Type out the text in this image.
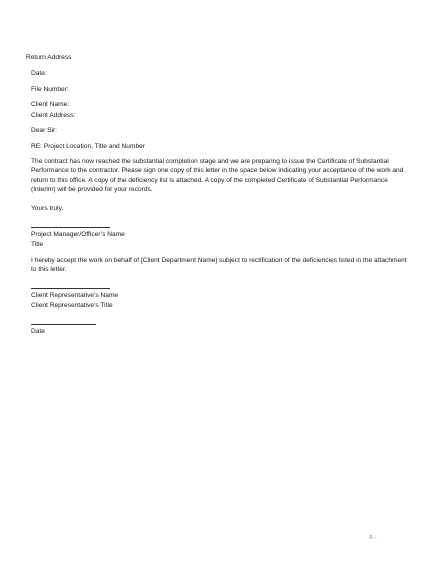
Return Address
Date:
File Number:
Client Name:
Client Address:
Dear Sir:
RE: Project Location, Title and Number
The contract has now reached the substantial completion stage and we are preparing to issue the Certificate of Substantial Performance to the contractor. Please sign one copy of this letter in the space below indicating your acceptance of the work and return to this office. A copy of the deficiency list is attached. A copy of the completed Certificate of Substantial Performance (Interim) will be provided for your records.
Yours truly,
Project Manager/Officer’s Name
Title
I hereby accept the work on behalf of [Client Department Name] subject to rectification of the deficiencies listed in the attachment to this letter.
Client Representative’s Name
Client Representative’s Title
Date
© -
